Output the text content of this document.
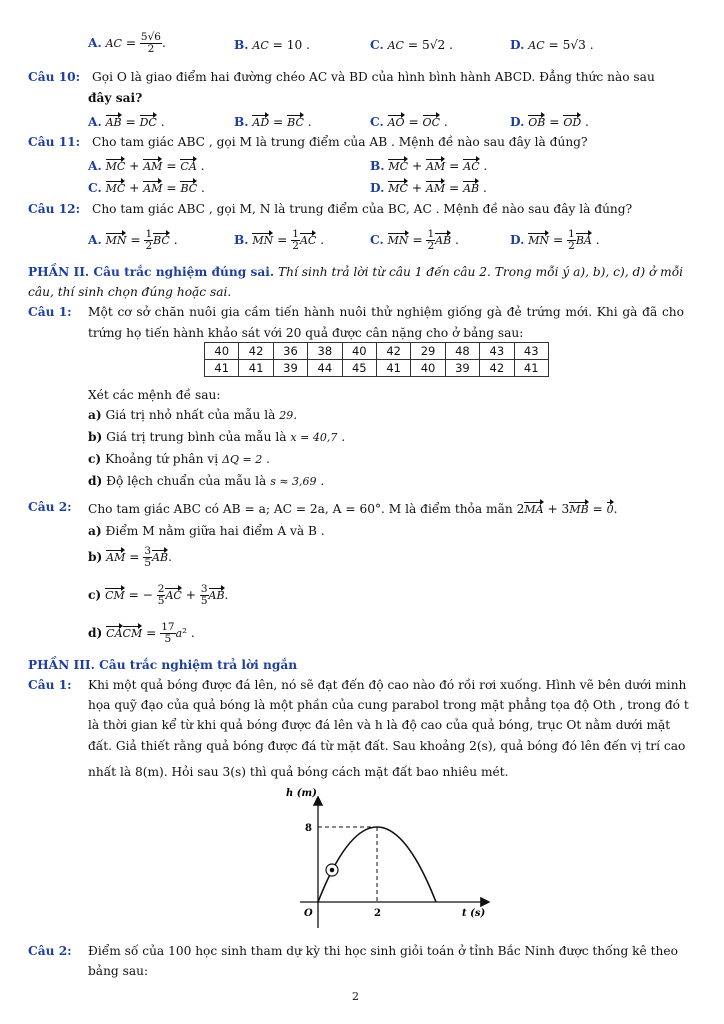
A. AC = $\frac{5√6}{2}$ .	B. AC = 10 .	C. AC = 5√2 .	D. AC = 5√3 .
Câu 10: Gọi O là giao điểm hai đường chéo AC và BD của hình bình hành ABCD. Đẳng thức nào sau
đây sai?
A. AB = DC .	B. AD = BC .	C. AO = OC .	D. OB = OD .
Câu 11: Cho tam giác ABC , gọi M là trung điểm của AB . Mệnh đề nào sau đây là đúng?
A. MC + AM = CA .	B. MC + AM = AC .
C. MC + AM = BC .	D. MC + AM = AB .
Câu 12: Cho tam giác ABC , gọi M, N là trung điểm của BC, AC . Mệnh đề nào sau đây là đúng?
A. MN = $\frac{1}{2}$ BC .	B. MN = $\frac{1}{2}$ AC .	C. MN = $\frac{1}{2}$ AB .	D. MN = $\frac{1}{2}$ BA .
PHẦN II. Câu trắc nghiệm đúng sai. Thí sinh trả lời từ câu 1 đến câu 2. Trong mỗi ý a), b), c), d) ở mỗi
câu, thí sinh chọn đúng hoặc sai.
Câu 1: Một cơ sở chăn nuôi gia cầm tiến hành nuôi thử nghiệm giống gà đẻ trứng mới. Khi gà đã cho trứng họ tiến hành khảo sát với 20 quả được cân nặng cho ở bảng sau:
40	42	36	38	40	42	29	48	43	43
41	41	39	44	45	41	40	39	42	41
Xét các mệnh đề sau:
a) Giá trị nhỏ nhất của mẫu là 29.
b) Giá trị trung bình của mẫu là x = 40,7 .
c) Khoảng tứ phân vị ΔQ = 2 .
d) Độ lệch chuẩn của mẫu là s ≈ 3,69 .
Câu 2: Cho tam giác ABC có AB = a; AC = 2a, A = 60°. M là điểm thỏa mãn 2MA + 3MB = 0.
a) Điểm M nằm giữa hai điểm A và B .
b) AM = $\frac{3}{5}$ AB.
c) CM = − $\frac{2}{5}$ AC + $\frac{3}{5}$ AB.
d) CACM = $\frac{17}{5} a^2$ .
PHẦN III. Câu trắc nghiệm trả lời ngắn
Câu 1: Khi một quả bóng được đá lên, nó sẽ đạt đến độ cao nào đó rồi rơi xuống. Hình vẽ bên dưới minh
họa quỹ đạo của quả bóng là một phần của cung parabol trong mặt phẳng tọa độ Oth , trong đó t
là thời gian kể từ khi quả bóng được đá lên và h là độ cao của quả bóng, trục Ot nằm dưới mặt
đất. Giả thiết rằng quả bóng được đá từ mặt đất. Sau khoảng 2(s), quả bóng đó lên đến vị trí cao
nhất là 8(m). Hỏi sau 3(s) thì quả bóng cách mặt đất bao nhiêu mét.
h (m)
t (s)
O
8
2
Câu 2: Điểm số của 100 học sinh tham dự kỳ thi học sinh giỏi toán ở tỉnh Bắc Ninh được thống kê theo
bảng sau:
2
